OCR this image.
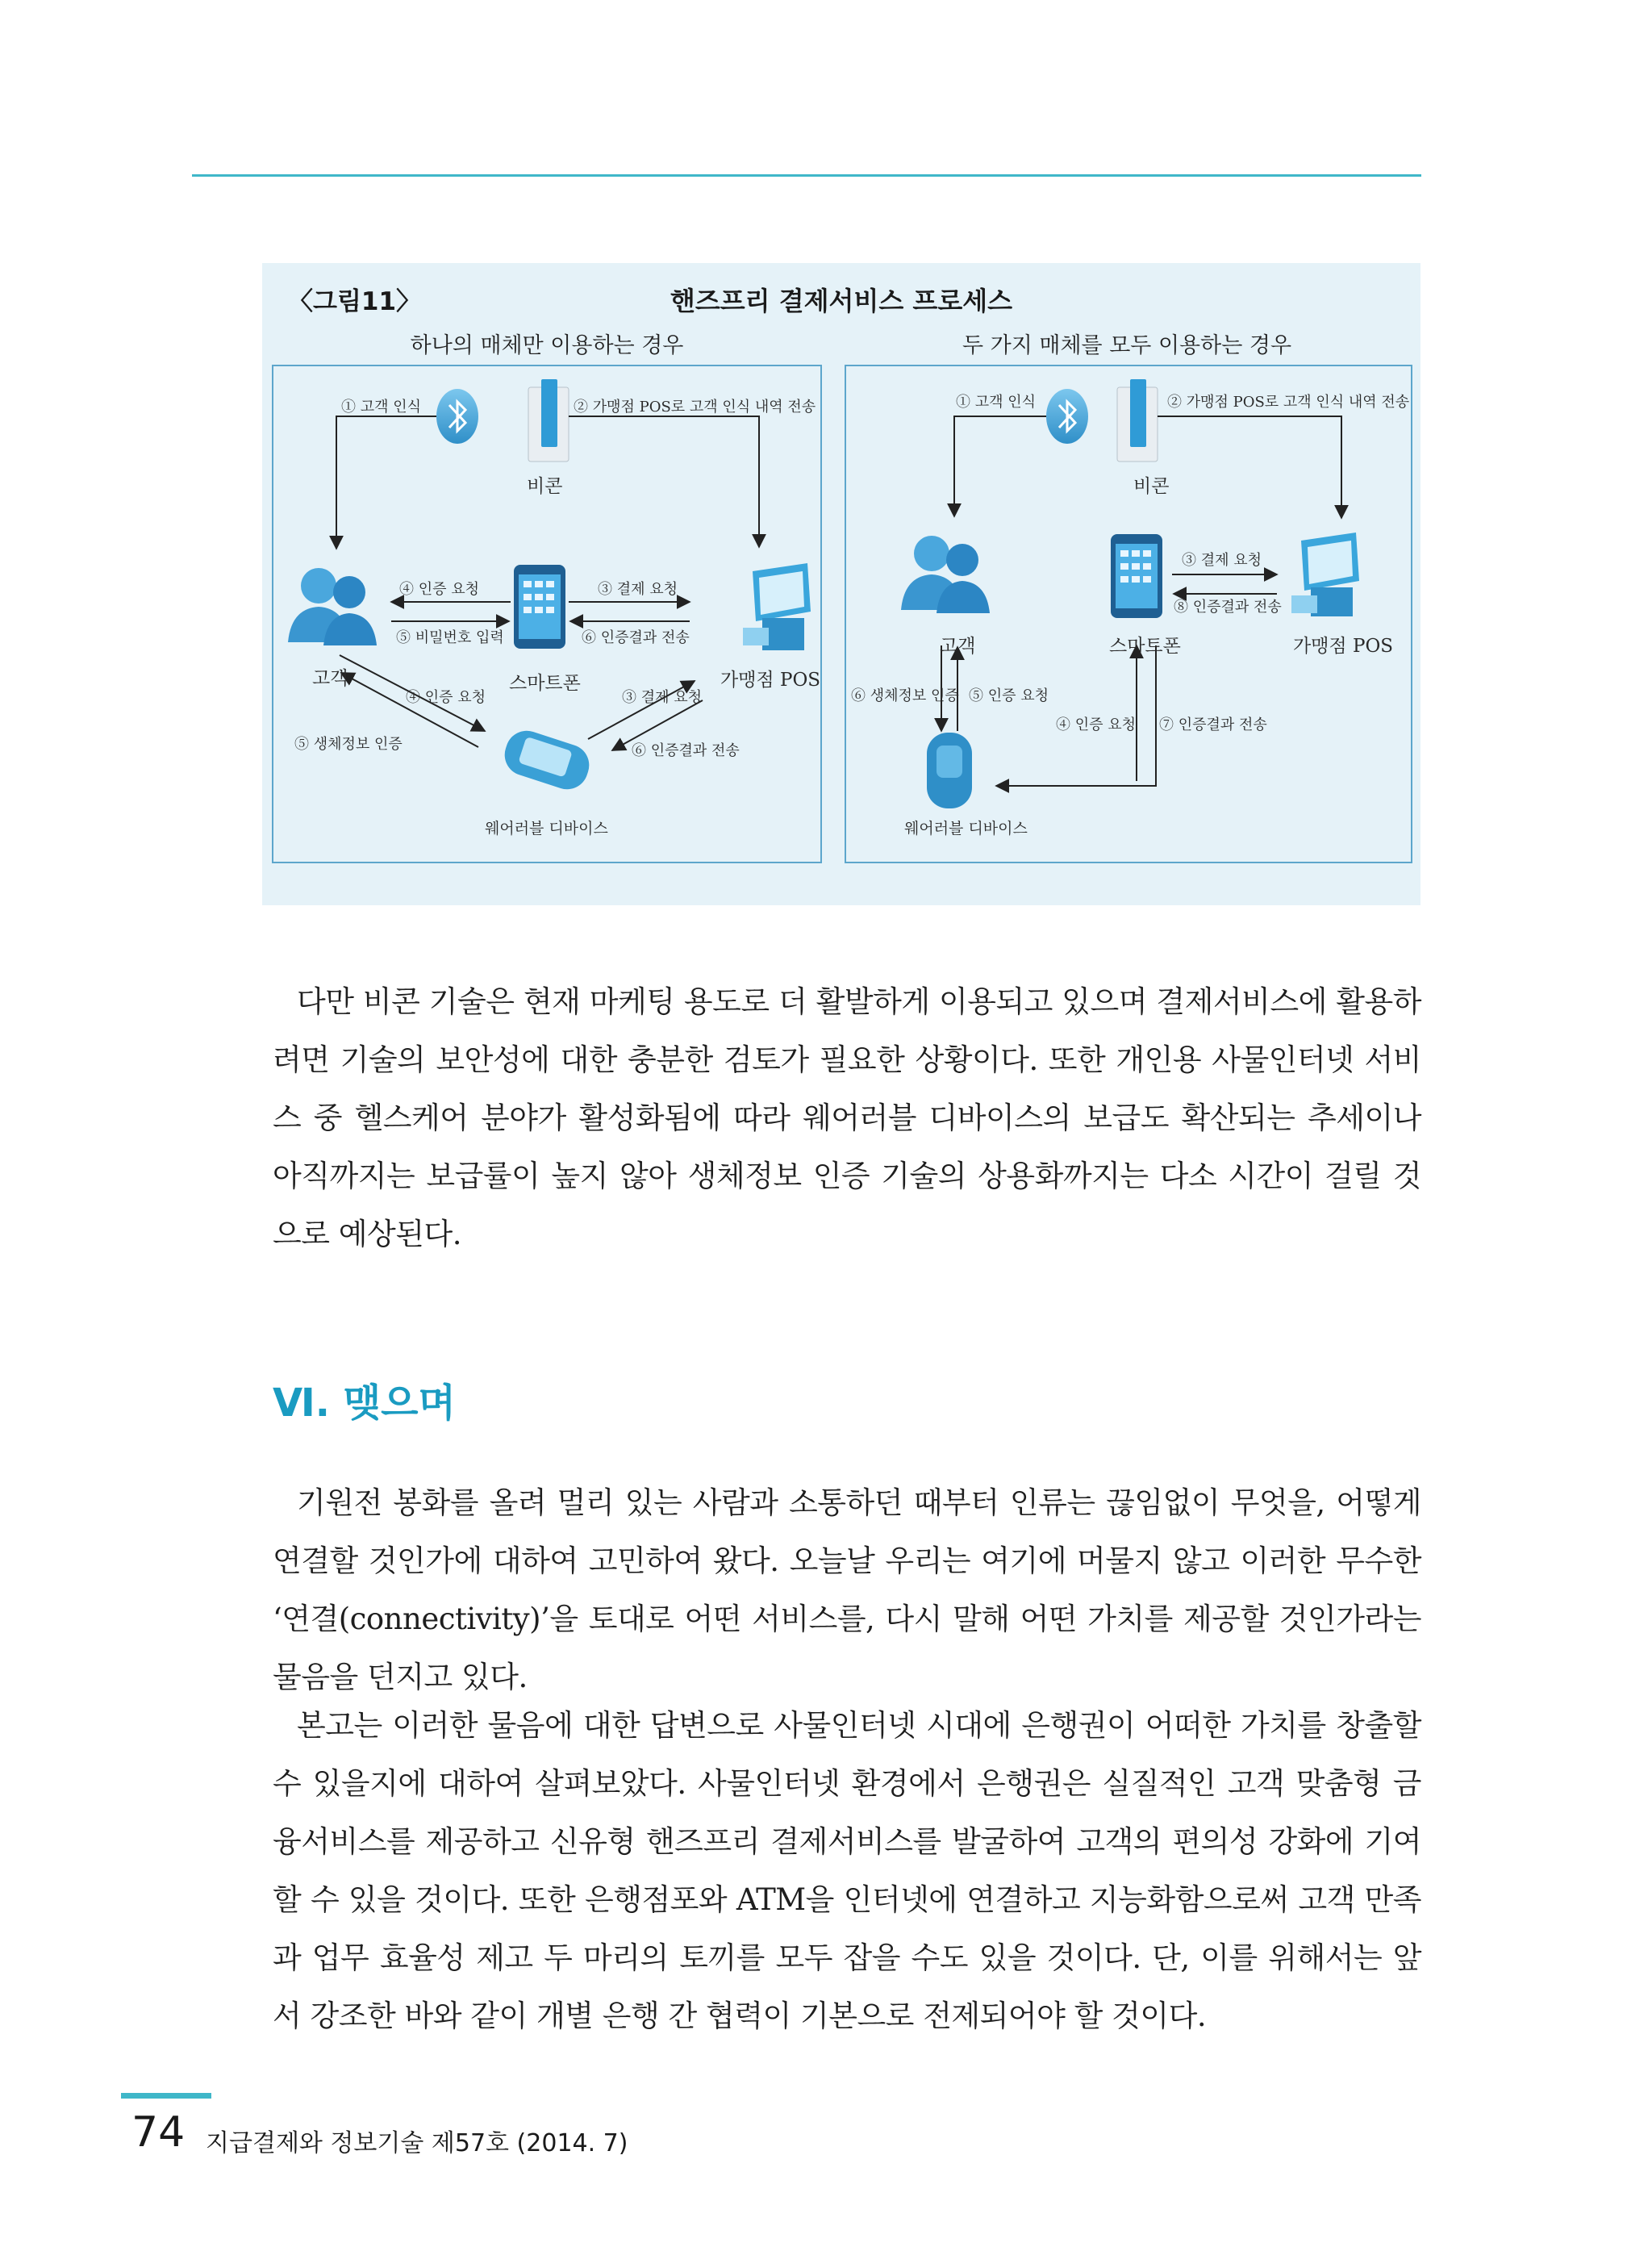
〈그림11〉	핸즈프리 결제서비스 프로세스
하나의 매체만 이용하는 경우	두 가지 매체를 모두 이용하는 경우
① 고객 인식	② 가맹점 POS로 고객 인식 내역 전송
④ 인증 요청
⑤ 비밀번호 입력
③ 결제 요청
⑥ 인증결과 전송
④ 인증 요청
⑤ 생체정보 인증
③ 결제 요청
⑥ 인증결과 전송
비콘
고객	스마트폰	가맹점 POS
웨어러블 디바이스
① 고객 인식	② 가맹점 POS로 고객 인식 내역 전송
③ 결제 요청
⑧ 인증결과 전송
⑥ 생체정보 인증 ⑤ 인증 요청
④ 인증 요청 ⑦ 인증결과 전송
비콘
고객	스마트폰	가맹점 POS
웨어러블 디바이스

다만 비콘 기술은 현재 마케팅 용도로 더 활발하게 이용되고 있으며 결제서비스에 활용하려면 기술의 보안성에 대한 충분한 검토가 필요한 상황이다. 또한 개인용 사물인터넷 서비스 중 헬스케어 분야가 활성화됨에 따라 웨어러블 디바이스의 보급도 확산되는 추세이나 아직까지는 보급률이 높지 않아 생체정보 인증 기술의 상용화까지는 다소 시간이 걸릴 것으로 예상된다.

Ⅵ. 맺으며

기원전 봉화를 올려 멀리 있는 사람과 소통하던 때부터 인류는 끊임없이 무엇을, 어떻게 연결할 것인가에 대하여 고민하여 왔다. 오늘날 우리는 여기에 머물지 않고 이러한 무수한 ‘연결(connectivity)’을 토대로 어떤 서비스를, 다시 말해 어떤 가치를 제공할 것인가라는 물음을 던지고 있다.

본고는 이러한 물음에 대한 답변으로 사물인터넷 시대에 은행권이 어떠한 가치를 창출할 수 있을지에 대하여 살펴보았다. 사물인터넷 환경에서 은행권은 실질적인 고객 맞춤형 금융서비스를 제공하고 신유형 핸즈프리 결제서비스를 발굴하여 고객의 편의성 강화에 기여할 수 있을 것이다. 또한 은행점포와 ATM을 인터넷에 연결하고 지능화함으로써 고객 만족과 업무 효율성 제고 두 마리의 토끼를 모두 잡을 수도 있을 것이다. 단, 이를 위해서는 앞서 강조한 바와 같이 개별 은행 간 협력이 기본으로 전제되어야 할 것이다.

74 지급결제와 정보기술 제57호 (2014. 7)
